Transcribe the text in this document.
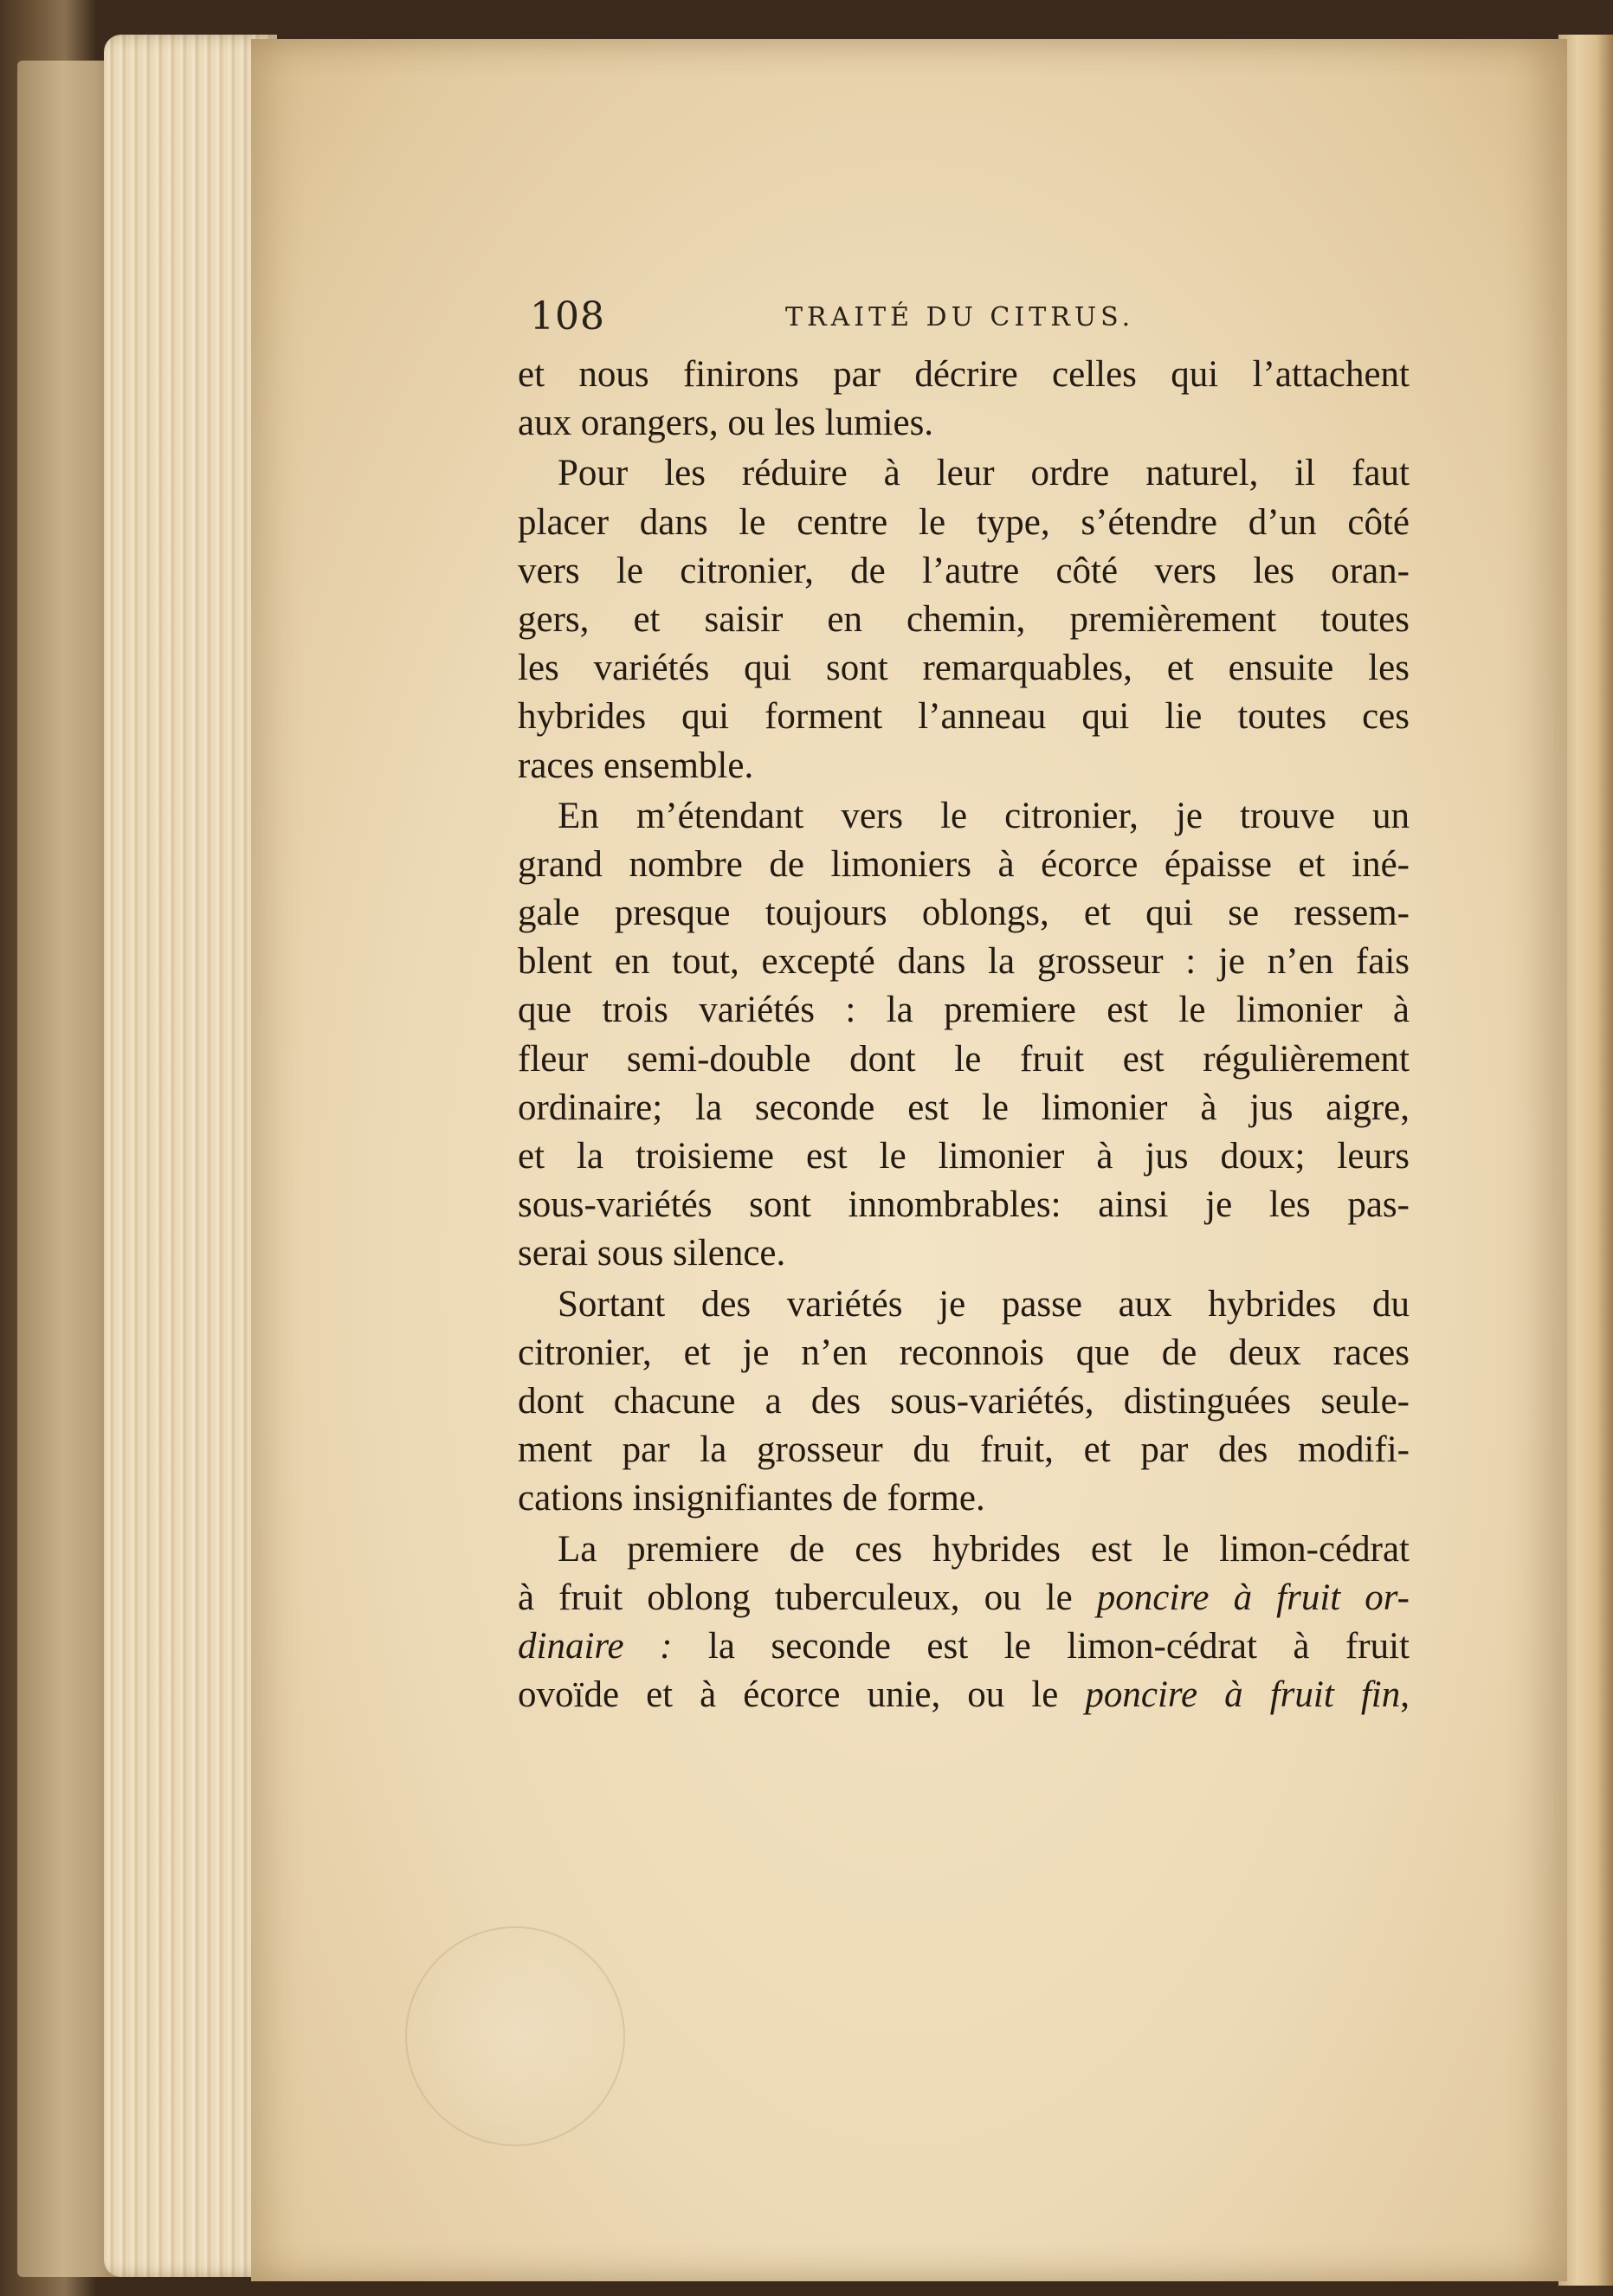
108	TRAITÉ DU CITRUS.
et nous finirons par décrire celles qui l’attachent
aux orangers, ou les lumies.
Pour les réduire à leur ordre naturel, il faut
placer dans le centre le type, s’étendre d’un côté
vers le citronier, de l’autre côté vers les oran-
gers, et saisir en chemin, premièrement toutes
les variétés qui sont remarquables, et ensuite les
hybrides qui forment l’anneau qui lie toutes ces
races ensemble.
En m’étendant vers le citronier, je trouve un
grand nombre de limoniers à écorce épaisse et iné-
gale presque toujours oblongs, et qui se ressem-
blent en tout, excepté dans la grosseur : je n’en fais
que trois variétés : la premiere est le limonier à
fleur semi-double dont le fruit est régulièrement
ordinaire; la seconde est le limonier à jus aigre,
et la troisieme est le limonier à jus doux; leurs
sous-variétés sont innombrables: ainsi je les pas-
serai sous silence.
Sortant des variétés je passe aux hybrides du
citronier, et je n’en reconnois que de deux races
dont chacune a des sous-variétés, distinguées seule-
ment par la grosseur du fruit, et par des modifi-
cations insignifiantes de forme.
La premiere de ces hybrides est le limon-cédrat
à fruit oblong tuberculeux, ou le poncire à fruit or-
dinaire : la seconde est le limon-cédrat à fruit
ovoïde et à écorce unie, ou le poncire à fruit fin,
